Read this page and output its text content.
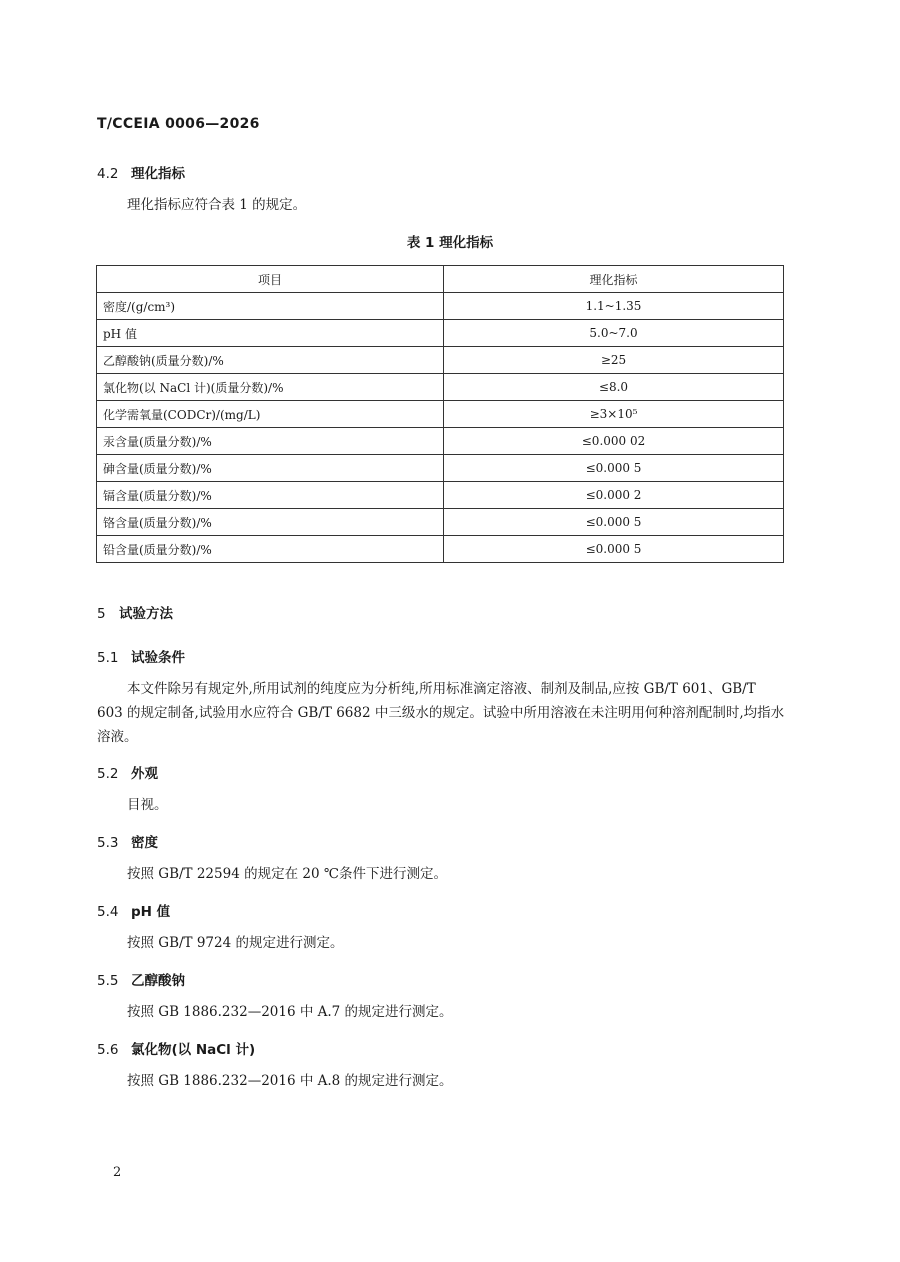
T/CCEIA 0006—2026
4.2 理化指标
理化指标应符合表 1 的规定。
表 1 理化指标
项目	理化指标
密度/(g/cm³)	1.1~1.35
pH 值	5.0~7.0
乙醇酸钠(质量分数)/%	≥25
氯化物(以 NaCl 计)(质量分数)/%	≤8.0
化学需氧量(CODCr)/(mg/L)	≥3×10⁵
汞含量(质量分数)/%	≤0.000 02
砷含量(质量分数)/%	≤0.000 5
镉含量(质量分数)/%	≤0.000 2
铬含量(质量分数)/%	≤0.000 5
铅含量(质量分数)/%	≤0.000 5
5 试验方法
5.1 试验条件
本文件除另有规定外,所用试剂的纯度应为分析纯,所用标准滴定溶液、制剂及制品,应按 GB/T 601、GB/T 603 的规定制备,试验用水应符合 GB/T 6682 中三级水的规定。试验中所用溶液在未注明用何种溶剂配制时,均指水溶液。
5.2 外观
目视。
5.3 密度
按照 GB/T 22594 的规定在 20 ℃条件下进行测定。
5.4 pH 值
按照 GB/T 9724 的规定进行测定。
5.5 乙醇酸钠
按照 GB 1886.232—2016 中 A.7 的规定进行测定。
5.6 氯化物(以 NaCl 计)
按照 GB 1886.232—2016 中 A.8 的规定进行测定。
2
